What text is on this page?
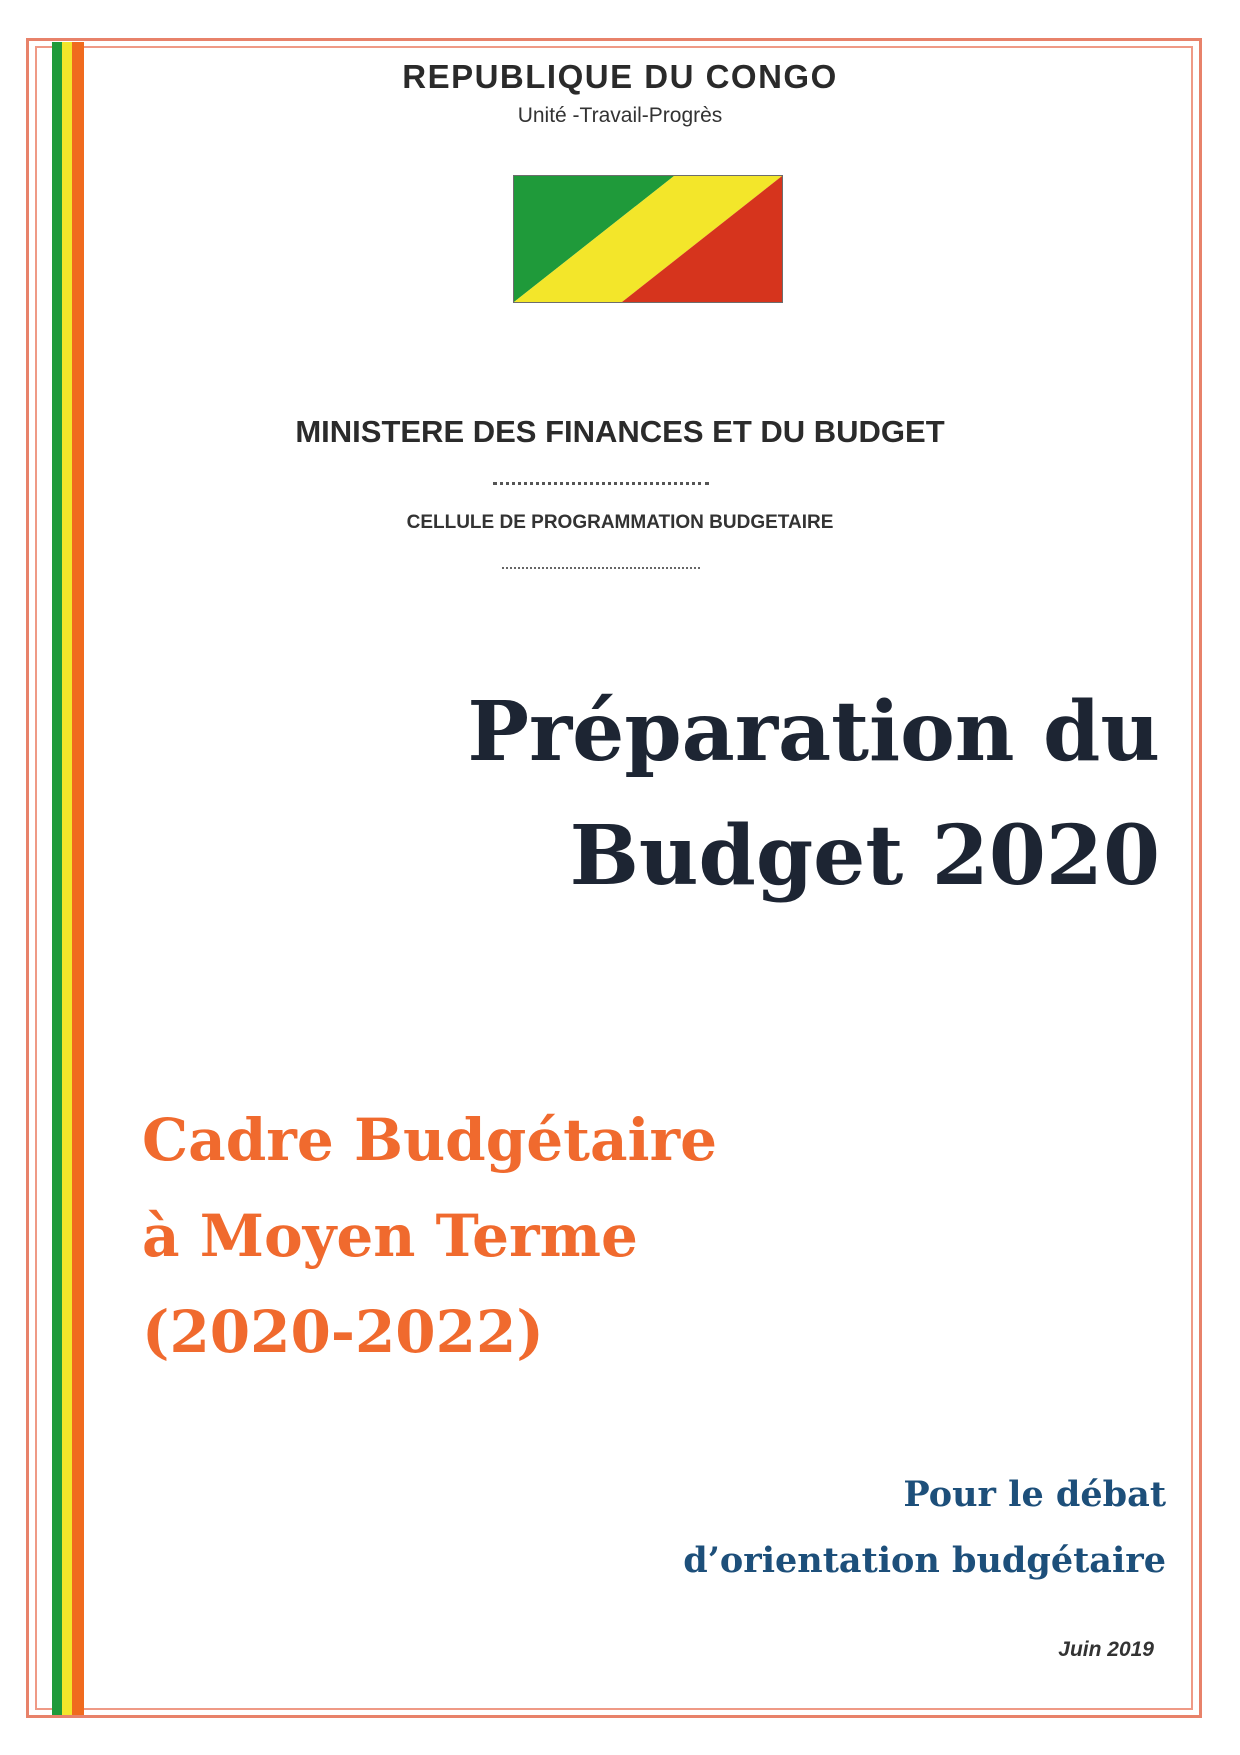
REPUBLIQUE DU CONGO
Unité -Travail-Progrès
MINISTERE DES FINANCES ET DU BUDGET
CELLULE DE PROGRAMMATION BUDGETAIRE
Préparation du
Budget 2020
Cadre Budgétaire
à Moyen Terme
(2020-2022)
Pour le débat
d’orientation budgétaire
Juin 2019
